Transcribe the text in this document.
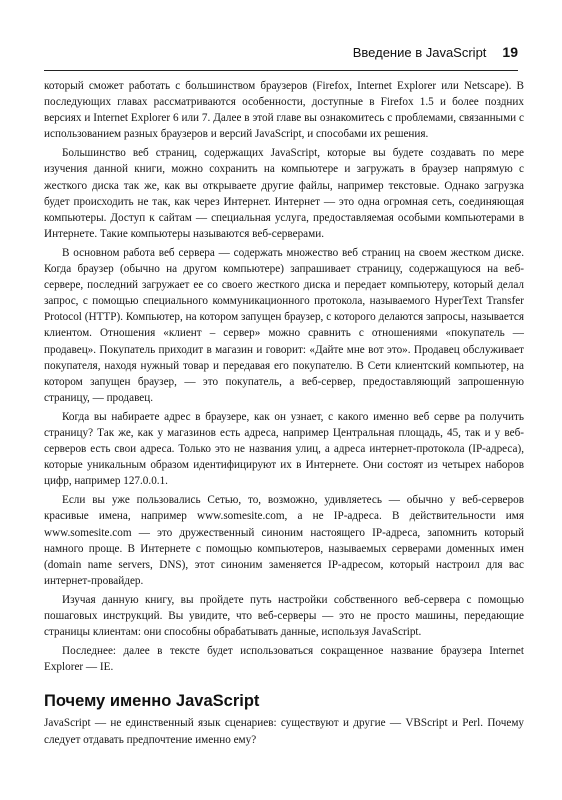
Введение в JavaScript 19

который сможет работать с большинством браузеров (Firefox, Internet Explorer или Netscape). В последующих главах рассматриваются особенности, доступные в Firefox 1.5 и более поздних версиях и Internet Explorer 6 или 7. Далее в этой главе вы ознакомитесь с проблемами, связанными с использованием разных браузеров и версий JavaScript, и способами их решения.

Большинство веб страниц, содержащих JavaScript, которые вы будете создавать по мере изучения данной книги, можно сохранить на компьютере и загружать в браузер напрямую с жесткого диска так же, как вы открываете другие файлы, например текстовые. Однако загрузка будет происходить не так, как через Интернет. Интернет — это одна огромная сеть, соединяющая компьютеры. Доступ к сайтам — специальная услуга, предоставляемая особыми компьютерами в Интернете. Такие компьютеры называются веб-серверами.

В основном работа веб сервера — содержать множество веб страниц на своем жестком диске. Когда браузер (обычно на другом компьютере) запрашивает страницу, содержащуюся на веб-сервере, последний загружает ее со своего жесткого диска и передает компьютеру, который делал запрос, с помощью специального коммуникационного протокола, называемого HyperText Transfer Protocol (HTTP). Компьютер, на котором запущен браузер, с которого делаются запросы, называется клиентом. Отношения «клиент – сервер» можно сравнить с отношениями «покупатель — продавец». Покупатель приходит в магазин и говорит: «Дайте мне вот это». Продавец обслуживает покупателя, находя нужный товар и передавая его покупателю. В Сети клиентский компьютер, на котором запущен браузер, — это покупатель, а веб-сервер, предоставляющий запрошенную страницу, — продавец.

Когда вы набираете адрес в браузере, как он узнает, с какого именно веб серве ра получить страницу? Так же, как у магазинов есть адреса, например Центральная площадь, 45, так и у веб-серверов есть свои адреса. Только это не названия улиц, а адреса интернет-протокола (IP-адреса), которые уникальным образом идентифицируют их в Интернете. Они состоят из четырех наборов цифр, например 127.0.0.1.

Если вы уже пользовались Сетью, то, возможно, удивляетесь — обычно у веб-серверов красивые имена, например www.somesite.com, а не IP-адреса. В действительности имя www.somesite.com — это дружественный синоним настоящего IP-адреса, запомнить который намного проще. В Интернете с помощью компьютеров, называемых серверами доменных имен (domain name servers, DNS), этот синоним заменяется IP-адресом, который настроил для вас интернет-провайдер.

Изучая данную книгу, вы пройдете путь настройки собственного веб-сервера с помощью пошаговых инструкций. Вы увидите, что веб-серверы — это не просто машины, передающие страницы клиентам: они способны обрабатывать данные, используя JavaScript.

Последнее: далее в тексте будет использоваться сокращенное название браузера Internet Explorer — IE.

Почему именно JavaScript

JavaScript — не единственный язык сценариев: существуют и другие — VBScript и Perl. Почему следует отдавать предпочтение именно ему?
